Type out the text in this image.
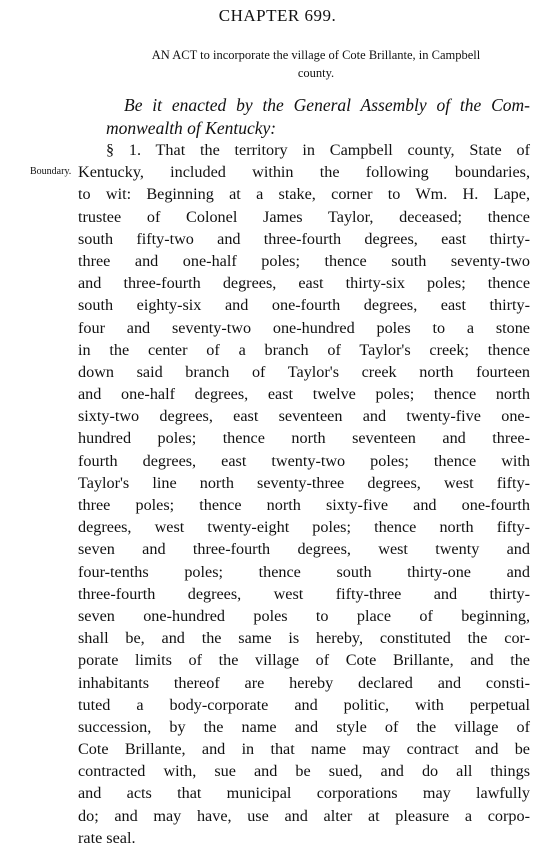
CHAPTER 699.
AN ACT to incorporate the village of Cote Brillante, in Campbell
county.
Be it enacted by the General Assembly of the Com-
monwealth of Kentucky:
Boundary.
§ 1. That the territory in Campbell county, State of
Kentucky, included within the following boundaries,
to wit: Beginning at a stake, corner to Wm. H. Lape,
trustee of Colonel James Taylor, deceased; thence
south fifty-two and three-fourth degrees, east thirty-
three and one-half poles; thence south seventy-two
and three-fourth degrees, east thirty-six poles; thence
south eighty-six and one-fourth degrees, east thirty-
four and seventy-two one-hundred poles to a stone
in the center of a branch of Taylor's creek; thence
down said branch of Taylor's creek north fourteen
and one-half degrees, east twelve poles; thence north
sixty-two degrees, east seventeen and twenty-five one-
hundred poles; thence north seventeen and three-
fourth degrees, east twenty-two poles; thence with
Taylor's line north seventy-three degrees, west fifty-
three poles; thence north sixty-five and one-fourth
degrees, west twenty-eight poles; thence north fifty-
seven and three-fourth degrees, west twenty and
four-tenths poles; thence south thirty-one and
three-fourth degrees, west fifty-three and thirty-
seven one-hundred poles to place of beginning,
shall be, and the same is hereby, constituted the cor-
porate limits of the village of Cote Brillante, and the
inhabitants thereof are hereby declared and consti-
tuted a body-corporate and politic, with perpetual
succession, by the name and style of the village of
Cote Brillante, and in that name may contract and be
contracted with, sue and be sued, and do all things
and acts that municipal corporations may lawfully
do; and may have, use and alter at pleasure a corpo-
rate seal.
